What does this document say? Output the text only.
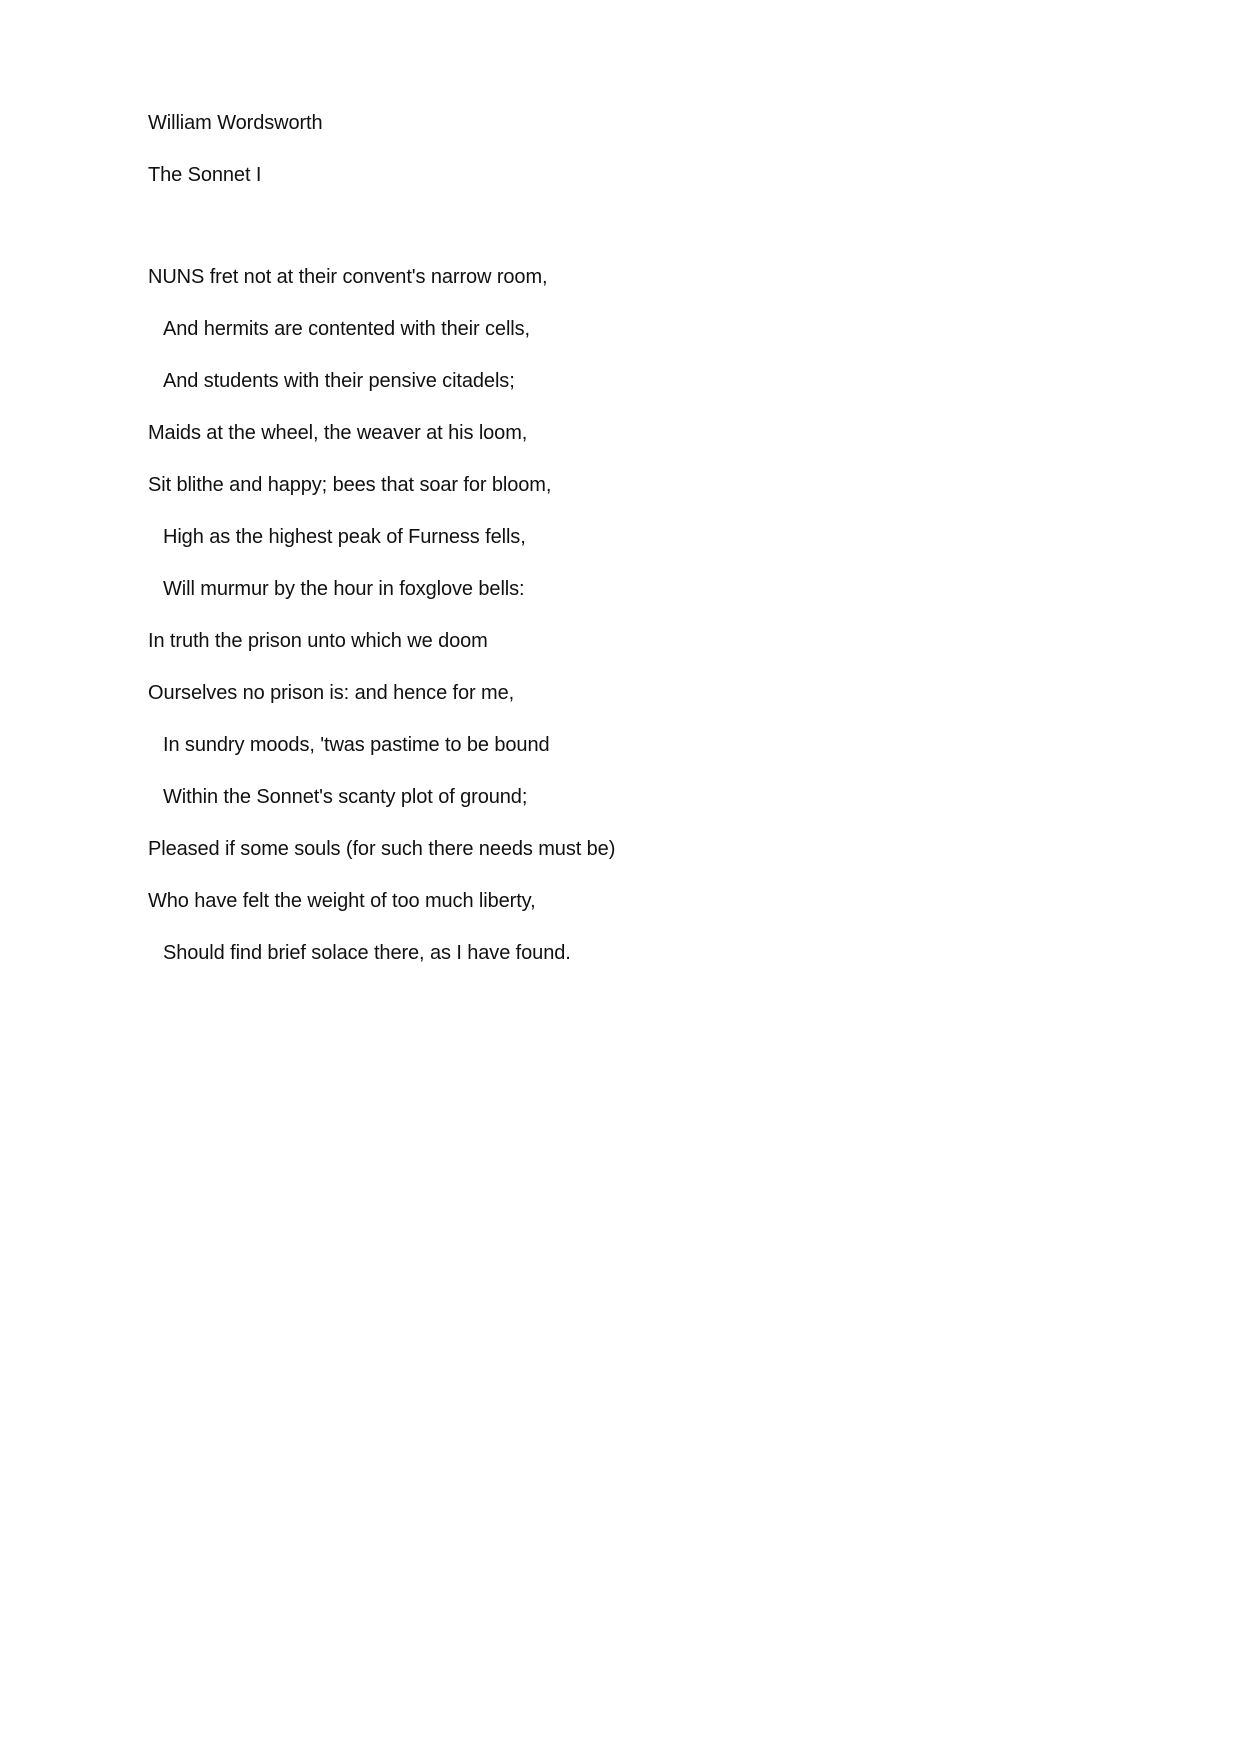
William Wordsworth
The Sonnet I
NUNS fret not at their convent's narrow room,
And hermits are contented with their cells,
And students with their pensive citadels;
Maids at the wheel, the weaver at his loom,
Sit blithe and happy; bees that soar for bloom,
High as the highest peak of Furness fells,
Will murmur by the hour in foxglove bells:
In truth the prison unto which we doom
Ourselves no prison is: and hence for me,
In sundry moods, 'twas pastime to be bound
Within the Sonnet's scanty plot of ground;
Pleased if some souls (for such there needs must be)
Who have felt the weight of too much liberty,
Should find brief solace there, as I have found.
